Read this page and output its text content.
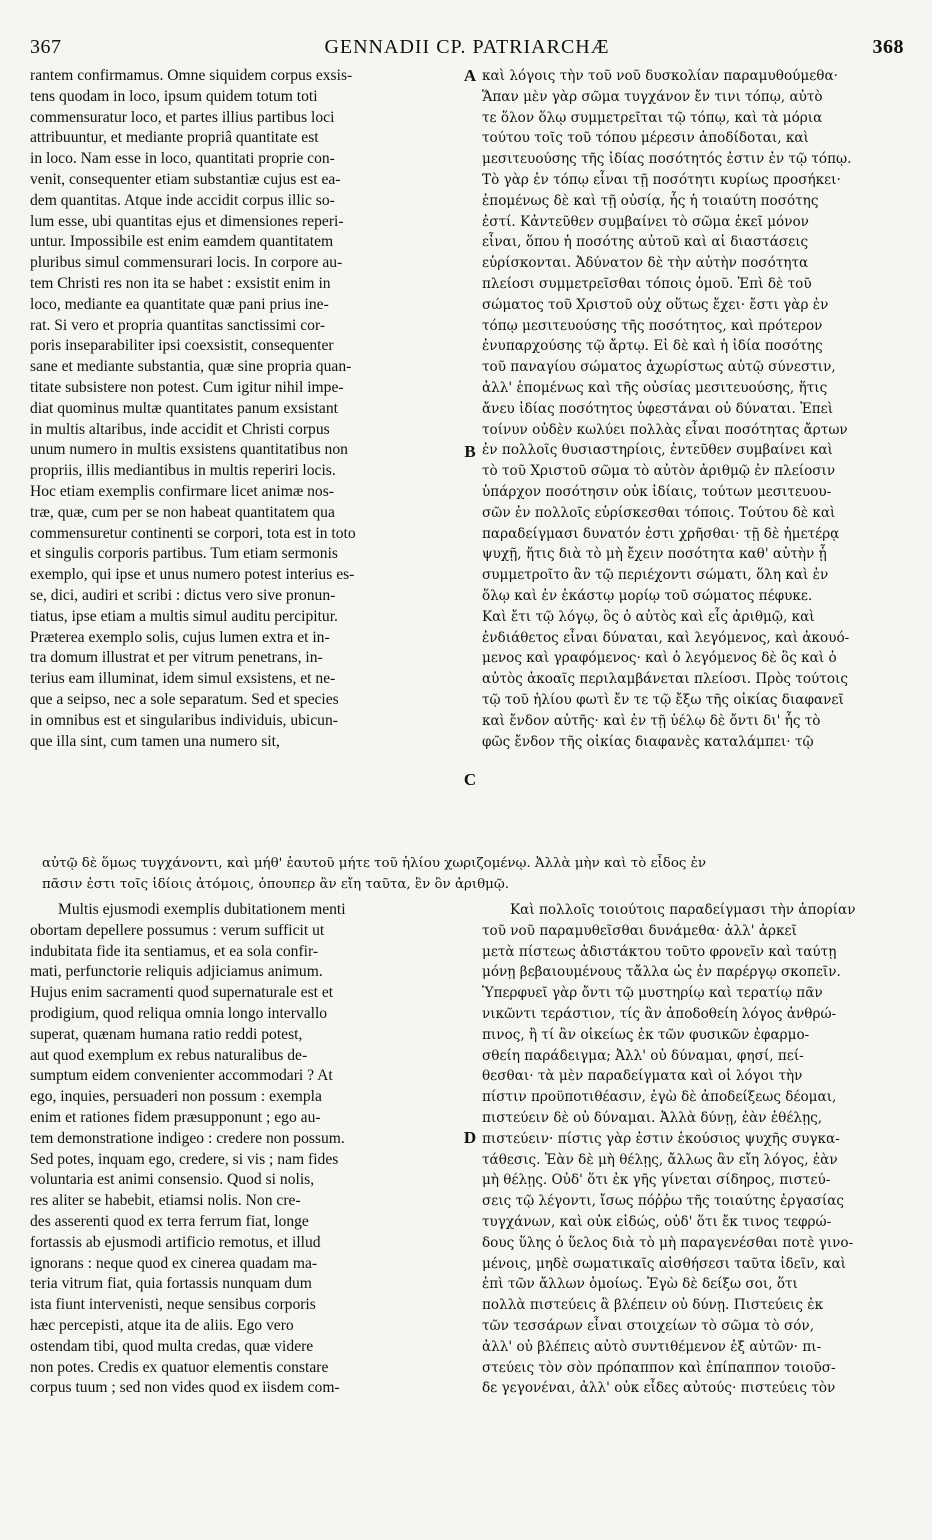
367	GENNADII CP. PATRIARCHÆ	368
A
B
C
D
rantem confirmamus. Omne siquidem corpus exsis-
tens quodam in loco, ipsum quidem totum toti
commensuratur loco, et partes illius partibus loci
attribuuntur, et mediante propriâ quantitate est
in loco. Nam esse in loco, quantitati proprie con-
venit, consequenter etiam substantiæ cujus est ea-
dem quantitas. Atque inde accidit corpus illic so-
lum esse, ubi quantitas ejus et dimensiones reperi-
untur. Impossibile est enim eamdem quantitatem
pluribus simul commensurari locis. In corpore au-
tem Christi res non ita se habet : exsistit enim in
loco, mediante ea quantitate quæ pani prius ine-
rat. Si vero et propria quantitas sanctissimi cor-
poris inseparabiliter ipsi coexsistit, consequenter
sane et mediante substantia, quæ sine propria quan-
titate subsistere non potest. Cum igitur nihil impe-
diat quominus multæ quantitates panum exsistant
in multis altaribus, inde accidit et Christi corpus
unum numero in multis exsistens quantitatibus non
propriis, illis mediantibus in multis reperiri locis.
Hoc etiam exemplis confirmare licet animæ nos-
træ, quæ, cum per se non habeat quantitatem qua
commensuretur continenti se corpori, tota est in toto
et singulis corporis partibus. Tum etiam sermonis
exemplo, qui ipse et unus numero potest interius es-
se, dici, audiri et scribi : dictus vero sive pronun-
tiatus, ipse etiam a multis simul auditu percipitur.
Præterea exemplo solis, cujus lumen extra et in-
tra domum illustrat et per vitrum penetrans, in-
terius eam illuminat, idem simul exsistens, et ne-
que a seipso, nec a sole separatum. Sed et species
in omnibus est et singularibus individuis, ubicun-
que illa sint, cum tamen una numero sit,
καὶ λόγοις τὴν τοῦ νοῦ δυσκολίαν παραμυθούμεθα·
Ἅπαν μὲν γὰρ σῶμα τυγχάνον ἔν τινι τόπῳ, αὐτὸ
τε ὅλον ὅλῳ συμμετρεῖται τῷ τόπῳ, καὶ τὰ μόρια
τούτου τοῖς τοῦ τόπου μέρεσιν ἀποδίδοται, καὶ
μεσιτευούσης τῆς ἰδίας ποσότητός ἐστιν ἐν τῷ τόπῳ.
Τὸ γὰρ ἐν τόπῳ εἶναι τῇ ποσότητι κυρίως προσήκει·
ἑπομένως δὲ καὶ τῇ οὐσίᾳ, ἧς ἡ τοιαύτη ποσότης
ἐστί. Κἀντεῦθεν συμβαίνει τὸ σῶμα ἐκεῖ μόνον
εἶναι, ὅπου ἡ ποσότης αὐτοῦ καὶ αἱ διαστάσεις
εὑρίσκονται. Ἀδύνατον δὲ τὴν αὐτὴν ποσότητα
πλείοσι συμμετρεῖσθαι τόποις ὁμοῦ. Ἐπὶ δὲ τοῦ
σώματος τοῦ Χριστοῦ οὐχ οὕτως ἔχει· ἔστι γὰρ ἐν
τόπῳ μεσιτευούσης τῆς ποσότητος, καὶ πρότερον
ἐνυπαρχούσης τῷ ἄρτῳ. Εἰ δὲ καὶ ἡ ἰδία ποσότης
τοῦ παναγίου σώματος ἀχωρίστως αὐτῷ σύνεστιν,
ἀλλ' ἑπομένως καὶ τῆς οὐσίας μεσιτευούσης, ἥτις
ἄνευ ἰδίας ποσότητος ὑφεστάναι οὐ δύναται. Ἐπεὶ
τοίνυν οὐδὲν κωλύει πολλὰς εἶναι ποσότητας ἄρτων
ἐν πολλοῖς θυσιαστηρίοις, ἐντεῦθεν συμβαίνει καὶ
τὸ τοῦ Χριστοῦ σῶμα τὸ αὐτὸν ἀριθμῷ ἐν πλείοσιν
ὑπάρχον ποσότησιν οὐκ ἰδίαις, τούτων μεσιτευου-
σῶν ἐν πολλοῖς εὑρίσκεσθαι τόποις. Τούτου δὲ καὶ
παραδείγμασι δυνατόν ἐστι χρῆσθαι· τῇ δὲ ἡμετέρᾳ
ψυχῇ, ἥτις διὰ τὸ μὴ ἔχειν ποσότητα καθ' αὑτὴν ᾗ
συμμετροῖτο ἂν τῷ περιέχοντι σώματι, ὅλη καὶ ἐν
ὅλῳ καὶ ἐν ἑκάστῳ μορίῳ τοῦ σώματος πέφυκε.
Καὶ ἔτι τῷ λόγῳ, ὃς ὁ αὐτὸς καὶ εἷς ἀριθμῷ, καὶ
ἐνδιάθετος εἶναι δύναται, καὶ λεγόμενος, καὶ ἀκουό-
μενος καὶ γραφόμενος· καὶ ὁ λεγόμενος δὲ ὃς καὶ ὁ
αὐτὸς ἀκοαῖς περιλαμβάνεται πλείοσι. Πρὸς τούτοις
τῷ τοῦ ἡλίου φωτὶ ἔν τε τῷ ἔξω τῆς οἰκίας διαφανεῖ
καὶ ἔνδον αὐτῆς· καὶ ἐν τῇ ὑέλῳ δὲ ὄντι δι' ἧς τὸ
φῶς ἔνδον τῆς οἰκίας διαφανὲς καταλάμπει· τῷ
αὐτῷ δὲ ὅμως τυγχάνοντι, καὶ μήθ' ἑαυτοῦ μήτε τοῦ ἡλίου χωριζομένῳ. Ἀλλὰ μὴν καὶ τὸ εἶδος ἐν
πᾶσιν ἐστι τοῖς ἰδίοις ἀτόμοις, ὁπουπερ ἂν εἴη ταῦτα, ἓν ὂν ἀριθμῷ.
Multis ejusmodi exemplis dubitationem menti
obortam depellere possumus : verum sufficit ut
indubitata fide ita sentiamus, et ea sola confir-
mati, perfunctorie reliquis adjiciamus animum.
Hujus enim sacramenti quod supernaturale est et
prodigium, quod reliqua omnia longo intervallo
superat, quænam humana ratio reddi potest,
aut quod exemplum ex rebus naturalibus de-
sumptum eidem convenienter accommodari ? At
ego, inquies, persuaderi non possum : exempla
enim et rationes fidem præsupponunt ; ego au-
tem demonstratione indigeo : credere non possum.
Sed potes, inquam ego, credere, si vis ; nam fides
voluntaria est animi consensio. Quod si nolis,
res aliter se habebit, etiamsi nolis. Non cre-
des asserenti quod ex terra ferrum fiat, longe
fortassis ab ejusmodi artificio remotus, et illud
ignorans : neque quod ex cinerea quadam ma-
teria vitrum fiat, quia fortassis nunquam dum
ista fiunt intervenisti, neque sensibus corporis
hæc percepisti, atque ita de aliis. Ego vero
ostendam tibi, quod multa credas, quæ videre
non potes. Credis ex quatuor elementis constare
corpus tuum ; sed non vides quod ex iisdem com-
Καὶ πολλοῖς τοιούτοις παραδείγμασι τὴν ἀπορίαν
τοῦ νοῦ παραμυθεῖσθαι δυνάμεθα· ἀλλ' ἀρκεῖ
μετὰ πίστεως ἀδιστάκτου τοῦτο φρονεῖν καὶ ταύτῃ
μόνῃ βεβαιουμένους τἄλλα ὡς ἐν παρέργῳ σκοπεῖν.
Ὑπερφυεῖ γὰρ ὄντι τῷ μυστηρίῳ καὶ τερατίῳ πᾶν
νικῶντι τεράστιον, τίς ἂν ἀποδοθείη λόγος ἀνθρώ-
πινος, ἢ τί ἂν οἰκείως ἐκ τῶν φυσικῶν ἐφαρμο-
σθείη παράδειγμα; Ἀλλ' οὐ δύναμαι, φησί, πεί-
θεσθαι· τὰ μὲν παραδείγματα καὶ οἱ λόγοι τὴν
πίστιν προϋποτιθέασιν, ἐγὼ δὲ ἀποδείξεως δέομαι,
πιστεύειν δὲ οὐ δύναμαι. Ἀλλὰ δύνῃ, ἐὰν ἐθέλῃς,
πιστεύειν· πίστις γὰρ ἐστιν ἑκούσιος ψυχῆς συγκα-
τάθεσις. Ἐὰν δὲ μὴ θέλῃς, ἄλλως ἂν εἴη λόγος, ἐὰν
μὴ θέλῃς. Οὐδ' ὅτι ἐκ γῆς γίνεται σίδηρος, πιστεύ-
σεις τῷ λέγοντι, ἴσως πόῤῥω τῆς τοιαύτης ἐργασίας
τυγχάνων, καὶ οὐκ εἰδώς, οὐδ' ὅτι ἔκ τινος τεφρώ-
δους ὕλης ὁ ὕελος διὰ τὸ μὴ παραγενέσθαι ποτὲ γινο-
μένοις, μηδὲ σωματικαῖς αἰσθήσεσι ταῦτα ἰδεῖν, καὶ
ἐπὶ τῶν ἄλλων ὁμοίως. Ἐγὼ δὲ δείξω σοι, ὅτι
πολλὰ πιστεύεις ἃ βλέπειν οὐ δύνῃ. Πιστεύεις ἐκ
τῶν τεσσάρων εἶναι στοιχείων τὸ σῶμα τὸ σόν,
ἀλλ' οὐ βλέπεις αὐτὸ συντιθέμενον ἐξ αὐτῶν· πι-
στεύεις τὸν σὸν πρόπαππον καὶ ἐπίπαππον τοιοῦσ-
δε γεγονέναι, ἀλλ' οὐκ εἶδες αὐτούς· πιστεύεις τὸν
